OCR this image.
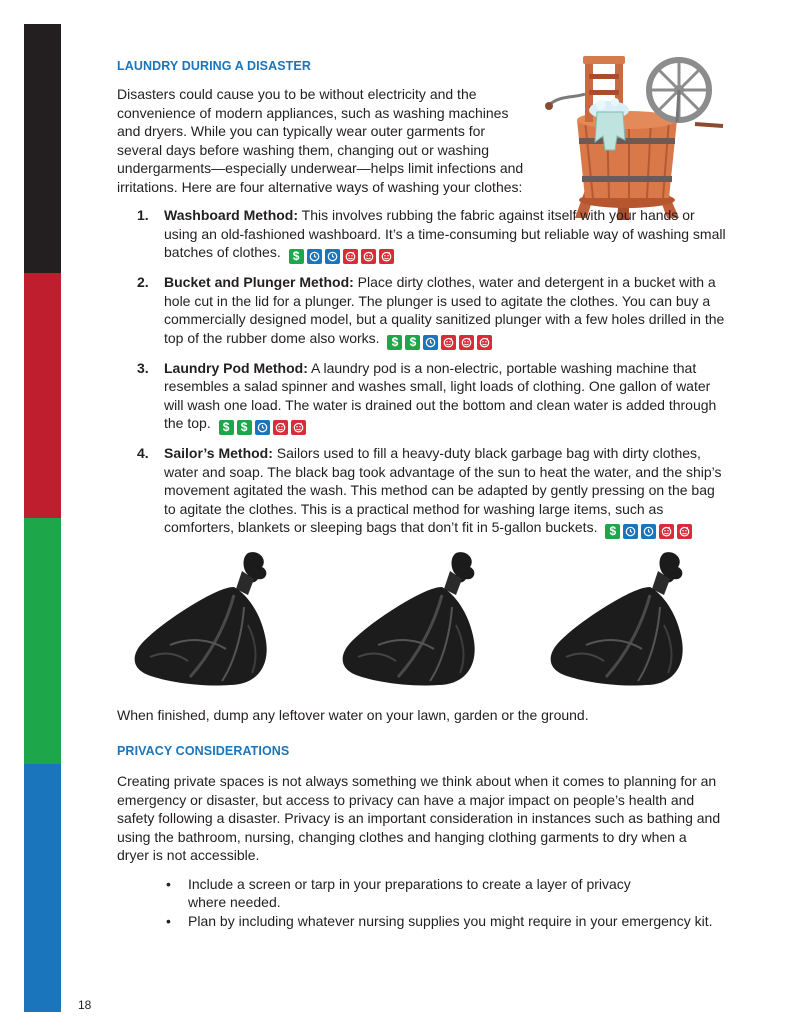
LAUNDRY DURING A DISASTER
Disasters could cause you to be without electricity and the
convenience of modern appliances, such as washing machines
and dryers. While you can typically wear outer garments for
several days before washing them, changing out or washing
undergarments—especially underwear—helps limit infections and
irritations. Here are four alternative ways of washing your clothes:
1. Washboard Method: This involves rubbing the fabric against itself with your hands or using an old-fashioned washboard. It’s a time-consuming but reliable way of washing small batches of clothes.	$
2. Bucket and Plunger Method: Place dirty clothes, water and detergent in a bucket with a hole cut in the lid for a plunger. The plunger is used to agitate the clothes. You can buy a commercially designed model, but a quality sanitized plunger with a few holes drilled in the top of the rubber dome also works.	$ $
3. Laundry Pod Method: A laundry pod is a non-electric, portable washing machine that resembles a salad spinner and washes small, light loads of clothing. One gallon of water will wash one load. The water is drained out the bottom and clean water is added through the top.	$ $
4. Sailor’s Method: Sailors used to fill a heavy-duty black garbage bag with dirty clothes, water and soap. The black bag took advantage of the sun to heat the water, and the ship’s movement agitated the wash. This method can be adapted by gently pressing on the bag to agitate the clothes. This is a practical method for washing large items, such as comforters, blankets or sleeping bags that don’t fit in 5-gallon buckets.	$
When finished, dump any leftover water on your lawn, garden or the ground.
PRIVACY CONSIDERATIONS
Creating private spaces is not always something we think about when it comes to planning for an
emergency or disaster, but access to privacy can have a major impact on people’s health and
safety following a disaster. Privacy is an important consideration in instances such as bathing and
using the bathroom, nursing, changing clothes and hanging clothing garments to dry when a
dryer is not accessible.
• Include a screen or tarp in your preparations to create a layer of privacy where needed.
• Plan by including whatever nursing supplies you might require in your emergency kit.
18
